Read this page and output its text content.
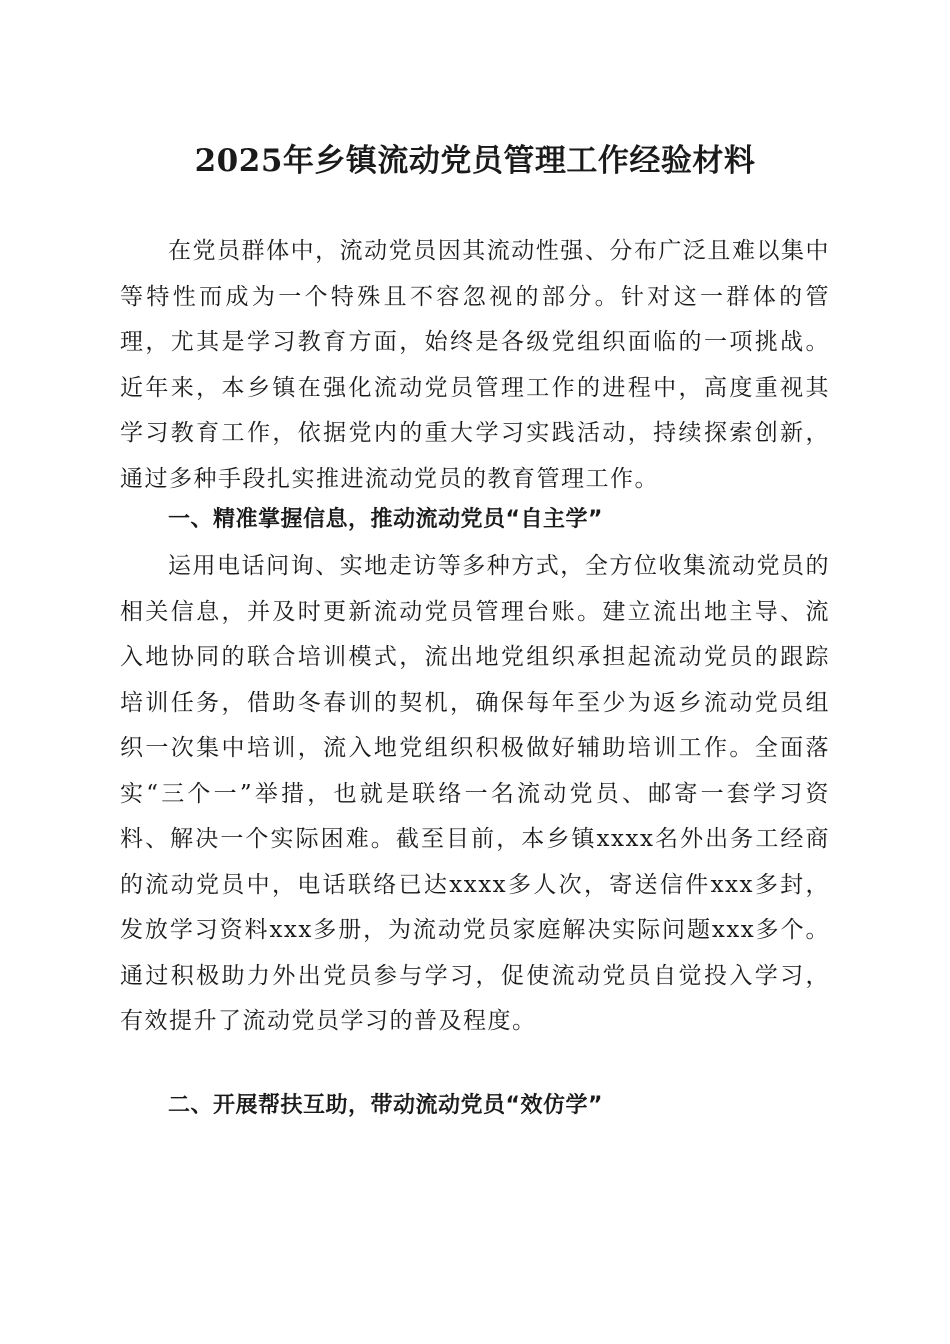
2025年乡镇流动党员管理工作经验材料

在党员群体中，流动党员因其流动性强、分布广泛且难以集中等特性而成为一个特殊且不容忽视的部分。针对这一群体的管理，尤其是学习教育方面，始终是各级党组织面临的一项挑战。近年来，本乡镇在强化流动党员管理工作的进程中，高度重视其学习教育工作，依据党内的重大学习实践活动，持续探索创新，通过多种手段扎实推进流动党员的教育管理工作。

一、精准掌握信息，推动流动党员“自主学”

运用电话问询、实地走访等多种方式，全方位收集流动党员的相关信息，并及时更新流动党员管理台账。建立流出地主导、流入地协同的联合培训模式，流出地党组织承担起流动党员的跟踪培训任务，借助冬春训的契机，确保每年至少为返乡流动党员组织一次集中培训，流入地党组织积极做好辅助培训工作。全面落实“三个一”举措，也就是联络一名流动党员、邮寄一套学习资料、解决一个实际困难。截至目前，本乡镇xxxx名外出务工经商的流动党员中，电话联络已达xxxx多人次，寄送信件xxx多封，发放学习资料xxx多册，为流动党员家庭解决实际问题xxx多个。通过积极助力外出党员参与学习，促使流动党员自觉投入学习，有效提升了流动党员学习的普及程度。

二、开展帮扶互助，带动流动党员“效仿学”
